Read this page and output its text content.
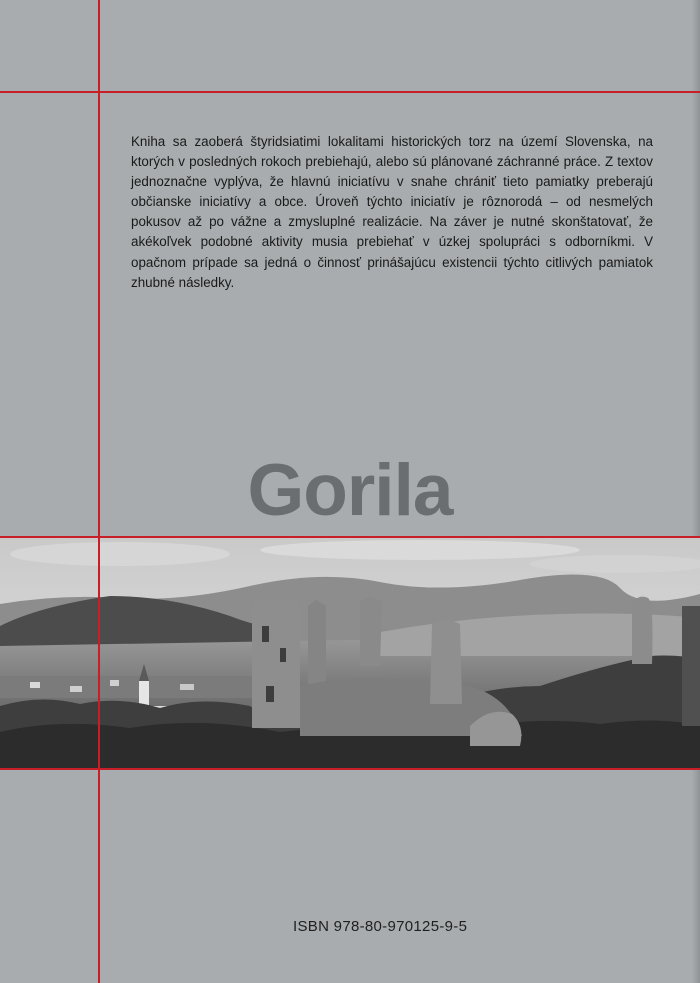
Kniha sa zaoberá štyridsiatimi lokalitami historických torz na území Slovenska, na ktorých v posledných rokoch prebiehajú, alebo sú plánované záchranné práce. Z textov jednoznačne vyplýva, že hlavnú iniciatívu v snahe chrániť tieto pamiatky preberajú občianske iniciatívy a obce. Úroveň týchto iniciatív je rôznorodá – od nesmelých pokusov až po vážne a zmysluplné realizácie. Na záver je nutné skonštatovať, že akékoľvek podobné aktivity musia prebiehať v úzkej spolupráci s odborníkmi. V opačnom prípade sa jedná o činnosť prinášajúcu existencii týchto citlivých pamiatok zhubné následky.
Gorila
ISBN 978-80-970125-9-5
